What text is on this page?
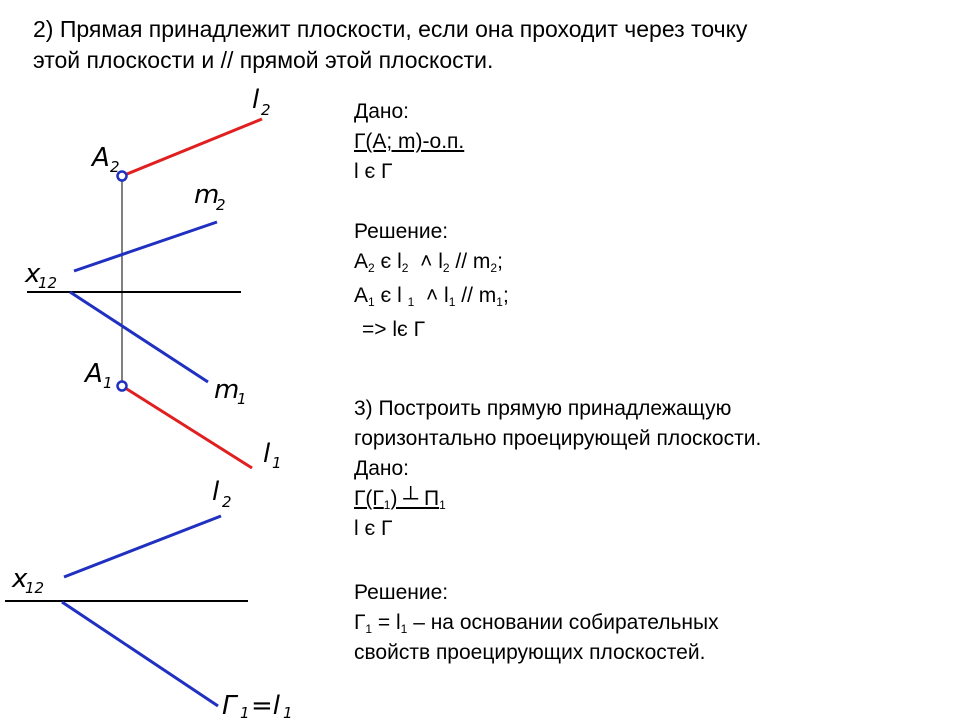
2) Прямая принадлежит плоскости, если она проходит через точку
этой плоскости и // прямой этой плоскости.
Дано:
Г(A; m)-о.п.
l є Г
Решение:
$A_2$ є $l_2$  ˄ $l_2 // m_2$;
$A_1$ є l $_1$  ˄ $l_1 // m_1$;
=> lє Г
3) Построить прямую принадлежащую
горизонтально проецирующей плоскости.
Дано:
$Г(Г_1)$ ┴ $П_1$
l є Г
Решение:
$Г_1 = l_1$ – на основании собирательных
свойств проецирующих плоскостей.
l 2
A 2
m
2
x
12
A 1	m
1
l 1
l 2
x
12
Г 1 =l 1
